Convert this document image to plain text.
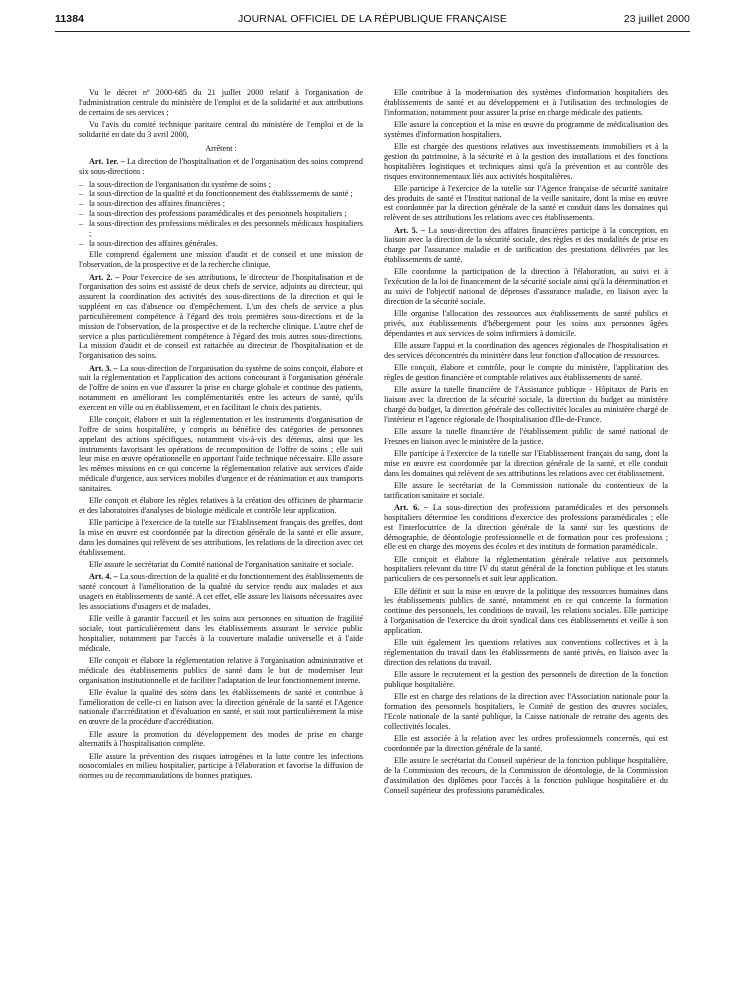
11384	JOURNAL OFFICIEL DE LA RÉPUBLIQUE FRANÇAISE	23 juillet 2000

Vu le décret nº 2000-685 du 21 juillet 2000 relatif à l'organisation de l'administration centrale du ministère de l'emploi et de la solidarité et aux attributions de certains de ses services ;

Vu l'avis du comité technique paritaire central du ministère de l'emploi et de la solidarité en date du 3 avril 2000,

Arrêtent :

Art. 1er. – La direction de l'hospitalisation et de l'organisation des soins comprend six sous-directions :

– la sous-direction de l'organisation du système de soins ;
– la sous-direction de la qualité et du fonctionnement des établissements de santé ;
– la sous-direction des affaires financières ;
– la sous-direction des professions paramédicales et des personnels hospitaliers ;
– la sous-direction des professions médicales et des personnels médicaux hospitaliers ;
– la sous-direction des affaires générales.

Elle comprend également une mission d'audit et de conseil et une mission de l'observation, de la prospective et de la recherche clinique.

Art. 2. – Pour l'exercice de ses attributions, le directeur de l'hospitalisation et de l'organisation des soins est assisté de deux chefs de service, adjoints au directeur, qui assurent la coordination des activités des sous-directions de la direction et qui le suppléent en cas d'absence ou d'empêchement. L'un des chefs de service a plus particulièrement compétence à l'égard des trois premières sous-directions et de la mission de l'observation, de la prospective et de la recherche clinique. L'autre chef de service a plus particulièrement compétence à l'égard des trois autres sous-directions. La mission d'audit et de conseil est rattachée au directeur de l'hospitalisation et de l'organisation des soins.

Art. 3. – La sous-direction de l'organisation du système de soins conçoit, élabore et suit la réglementation et l'application des actions concourant à l'organisation générale de l'offre de soins en vue d'assurer la prise en charge globale et continue des patients, notamment en améliorant les complémentarités entre les acteurs de santé, qu'ils exercent en ville ou en établissement, et en facilitant le choix des patients.

Elle conçoit, élabore et suit la réglementation et les instruments d'organisation de l'offre de soins hospitalière, y compris au bénéfice des catégories de personnes appelant des actions spécifiques, notamment vis-à-vis des détenus, ainsi que les instruments favorisant les opérations de recomposition de l'offre de soins ; elle suit leur mise en œuvre opérationnelle en apportant l'aide technique nécessaire. Elle assure les mêmes missions en ce qui concerne la réglementation relative aux services d'aide médicale d'urgence, aux services mobiles d'urgence et de réanimation et aux transports sanitaires.

Elle conçoit et élabore les règles relatives à la création des officines de pharmacie et des laboratoires d'analyses de biologie médicale et contrôle leur application.

Elle participe à l'exercice de la tutelle sur l'Etablissement français des greffes, dont la mise en œuvre est coordonnée par la direction générale de la santé et elle assure, dans les domaines qui relèvent de ses attributions, les relations de la direction avec cet établissement.

Elle assure le secrétariat du Comité national de l'organisation sanitaire et sociale.

Art. 4. – La sous-direction de la qualité et du fonctionnement des établissements de santé concourt à l'amélioration de la qualité du service rendu aux malades et aux usagers en établissements de santé. A cet effet, elle assure les liaisons nécessaires avec les associations d'usagers et de malades.

Elle veille à garantir l'accueil et les soins aux personnes en situation de fragilité sociale, tout particulièrement dans les établissements assurant le service public hospitalier, notamment par l'accès à la couverture maladie universelle et à l'aide médicale.

Elle conçoit et élabore la réglementation relative à l'organisation administrative et médicale des établissements publics de santé dans le but de moderniser leur organisation institutionnelle et de faciliter l'adaptation de leur fonctionnement interne.

Elle évalue la qualité des soins dans les établissements de santé et contribue à l'amélioration de celle-ci en liaison avec la direction générale de la santé et l'Agence nationale d'accréditation et d'évaluation en santé, et suit tout particulièrement la mise en œuvre de la procédure d'accréditation.

Elle assure la promotion du développement des modes de prise en charge alternatifs à l'hospitalisation complète.

Elle assure la prévention des risques iatrogènes et la lutte contre les infections nosocomiales en milieu hospitalier, participe à l'élaboration et favorise la diffusion de normes ou de recommandations de bonnes pratiques.

Elle contribue à la modernisation des systèmes d'information hospitaliers des établissements de santé et au développement et à l'utilisation des technologies de l'information, notamment pour assurer la prise en charge médicale des patients.

Elle assure la conception et la mise en œuvre du programme de médicalisation des systèmes d'information hospitaliers.

Elle est chargée des questions relatives aux investissements immobiliers et à la gestion du patrimoine, à la sécurité et à la gestion des installations et des fonctions hospitalières logistiques et techniques ainsi qu'à la prévention et au contrôle des risques environnementaux liés aux activités hospitalières.

Elle participe à l'exercice de la tutelle sur l'Agence française de sécurité sanitaire des produits de santé et l'Institut national de la veille sanitaire, dont la mise en œuvre est coordonnée par la direction générale de la santé et conduit dans les domaines qui relèvent de ses attributions les relations avec ces établissements.

Art. 5. – La sous-direction des affaires financières participe à la conception, en liaison avec la direction de la sécurité sociale, des règles et des modalités de prise en charge par l'assurance maladie et de tarification des prestations délivrées par les établissements de santé.

Elle coordonne la participation de la direction à l'élaboration, au suivi et à l'exécution de la loi de financement de la sécurité sociale ainsi qu'à la détermination et au suivi de l'objectif national de dépenses d'assurance maladie, en liaison avec la direction de la sécurité sociale.

Elle organise l'allocation des ressources aux établissements de santé publics et privés, aux établissements d'hébergement pour les soins aux personnes âgées dépendantes et aux services de soins infirmiers à domicile.

Elle assure l'appui et la coordination des agences régionales de l'hospitalisation et des services déconcentrés du ministère dans leur fonction d'allocation de ressources.

Elle conçoit, élabore et contrôle, pour le compte du ministère, l'application des règles de gestion financière et comptable relatives aux établissements de santé.

Elle assure la tutelle financière de l'Assistance publique - Hôpitaux de Paris en liaison avec la direction de la sécurité sociale, la direction du budget au ministère chargé du budget, la direction générale des collectivités locales au ministère chargé de l'intérieur et l'agence régionale de l'hospitalisation d'Ile-de-France.

Elle assure la tutelle financière de l'établissement public de santé national de Fresnes en liaison avec le ministère de la justice.

Elle participe à l'exercice de la tutelle sur l'Etablissement français du sang, dont la mise en œuvre est coordonnée par la direction générale de la santé, et elle conduit dans les domaines qui relèvent de ses attributions les relations avec cet établissement.

Elle assure le secrétariat de la Commission nationale du contentieux de la tarification sanitaire et sociale.

Art. 6. – La sous-direction des professions paramédicales et des personnels hospitaliers détermine les conditions d'exercice des professions paramédicales ; elle est l'interlocutrice de la direction générale de la santé sur les questions de démographie, de déontologie professionnelle et de formation pour ces professions ; elle est en charge des moyens des écoles et des instituts de formation paramédicale.

Elle conçoit et élabore la réglementation générale relative aux personnels hospitaliers relevant du titre IV du statut général de la fonction publique et les statuts particuliers de ces personnels et suit leur application.

Elle définit et suit la mise en œuvre de la politique des ressources humaines dans les établissements publics de santé, notamment en ce qui concerne la formation continue des personnels, les conditions de travail, les relations sociales. Elle participe à l'organisation de l'exercice du droit syndical dans ces établissements et veille à son application.

Elle suit également les questions relatives aux conventions collectives et à la réglementation du travail dans les établissements de santé privés, en liaison avec la direction des relations du travail.

Elle assure le recrutement et la gestion des personnels de direction de la fonction publique hospitalière.

Elle est en charge des relations de la direction avec l'Association nationale pour la formation des personnels hospitaliers, le Comité de gestion des œuvres sociales, l'Ecole nationale de la santé publique, la Caisse nationale de retraite des agents des collectivités locales.

Elle est associée à la relation avec les ordres professionnels concernés, qui est coordonnée par la direction générale de la santé.

Elle assure le secrétariat du Conseil supérieur de la fonction publique hospitalière, de la Commission des recours, de la Commission de déontologie, de la Commission d'assimilation des diplômes pour l'accès à la fonction publique hospitalière et du Conseil supérieur des professions paramédicales.
